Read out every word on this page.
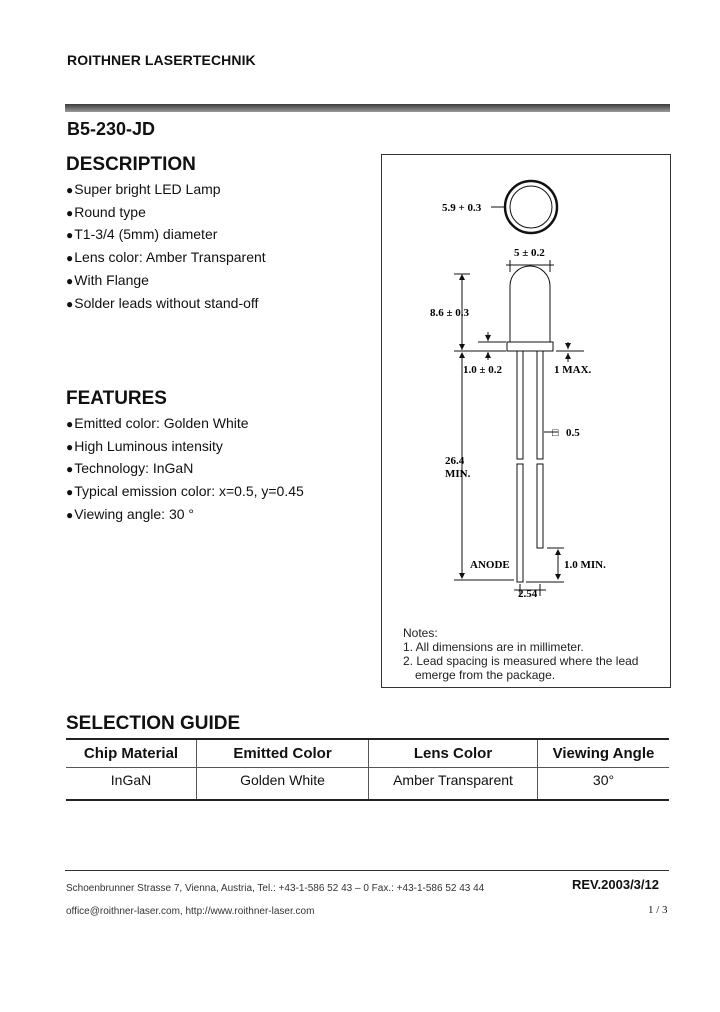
ROITHNER LASERTECHNIK
B5-230-JD
DESCRIPTION
● Super bright LED Lamp
● Round type
● T1-3/4 (5mm) diameter
● Lens color: Amber Transparent
● With Flange
● Solder leads without stand-off
FEATURES
● Emitted color: Golden White
● High Luminous intensity
● Technology: InGaN
● Typical emission color: x=0.5, y=0.45
● Viewing angle: 30 °
5.9 + 0.3
5 ± 0.2
8.6 ± 0.3
1.0 ± 0.2	1 MAX.
□ 0.5
26.4
MIN.
ANODE	1.0 MIN.
2.54
Notes:
1. All dimensions are in millimeter.
2. Lead spacing is measured where the lead
emerge from the package.
SELECTION GUIDE
Chip Material	Emitted Color	Lens Color	Viewing Angle
InGaN	Golden White	Amber Transparent	30°
Schoenbrunner Strasse 7, Vienna, Austria, Tel.: +43-1-586 52 43 – 0 Fax.: +43-1-586 52 43 44
office@roithner-laser.com, http://www.roithner-laser.com
REV.2003/3/12
1 / 3
